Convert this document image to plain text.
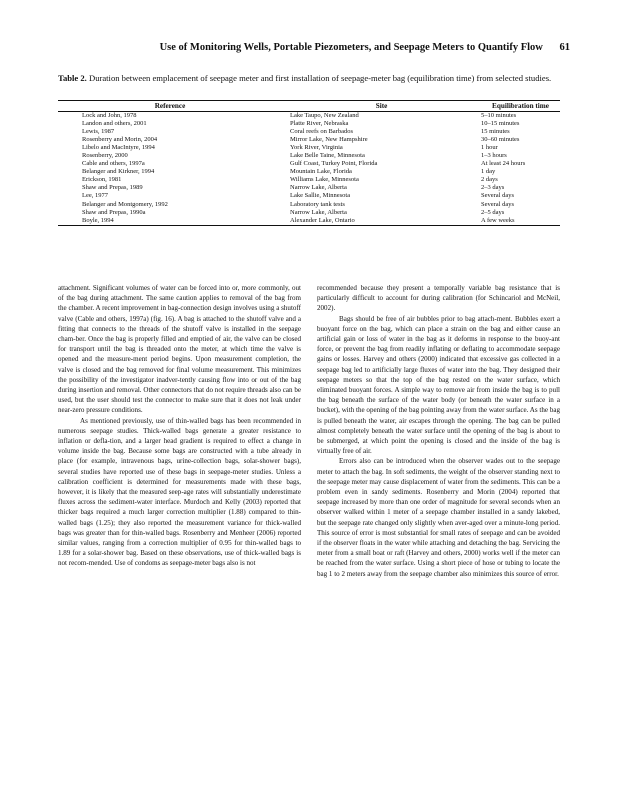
Use of Monitoring Wells, Portable Piezometers, and Seepage Meters to Quantify Flow 61
Table 2. Duration between emplacement of seepage meter and first installation of seepage-meter bag (equilibration time) from selected studies.
Reference	Site	Equilibration time
Lock and John, 1978	Lake Taupo, New Zealand	5–10 minutes
Landon and others, 2001	Platte River, Nebraska	10–15 minutes
Lewis, 1987	Coral reefs on Barbados	15 minutes
Rosenberry and Morin, 2004	Mirror Lake, New Hampshire	30–60 minutes
Libelo and MacIntyre, 1994	York River, Virginia	1 hour
Rosenberry, 2000	Lake Belle Taine, Minnesota	1–3 hours
Cable and others, 1997a	Gulf Coast, Turkey Point, Florida	At least 24 hours
Belanger and Kirkner, 1994	Mountain Lake, Florida	1 day
Erickson, 1981	Williams Lake, Minnesota	2 days
Shaw and Prepas, 1989	Narrow Lake, Alberta	2–3 days
Lee, 1977	Lake Sallie, Minnesota	Several days
Belanger and Montgomery, 1992	Laboratory tank tests	Several days
Shaw and Prepas, 1990a	Narrow Lake, Alberta	2–5 days
Boyle, 1994	Alexander Lake, Ontario	A few weeks

attachment. Significant volumes of water can be forced into or, more commonly, out of the bag during attachment. The same caution applies to removal of the bag from the chamber. A recent improvement in bag-connection design involves using a shutoff valve (Cable and others, 1997a) (fig. 16). A bag is attached to the shutoff valve and a fitting that connects to the threads of the shutoff valve is installed in the seepage cham-ber. Once the bag is properly filled and emptied of air, the valve can be closed for transport until the bag is threaded onto the meter, at which time the valve is opened and the measure-ment period begins. Upon measurement completion, the valve is closed and the bag removed for final volume measurement. This minimizes the possibility of the investigator inadver-tently causing flow into or out of the bag during insertion and removal. Other connectors that do not require threads also can be used, but the user should test the connector to make sure that it does not leak under near-zero pressure conditions.

As mentioned previously, use of thin-walled bags has been recommended in numerous seepage studies. Thick-walled bags generate a greater resistance to inflation or defla-tion, and a larger head gradient is required to effect a change in volume inside the bag. Because some bags are constructed with a tube already in place (for example, intravenous bags, urine-collection bags, solar-shower bags), several studies have reported use of these bags in seepage-meter studies. Unless a calibration coefficient is determined for measurements made with these bags, however, it is likely that the measured seep-age rates will substantially underestimate fluxes across the sediment-water interface. Murdoch and Kelly (2003) reported that thicker bags required a much larger correction multiplier (1.88) compared to thin-walled bags (1.25); they also reported the measurement variance for thick-walled bags was greater than for thin-walled bags. Rosenberry and Menheer (2006) reported similar values, ranging from a correction multiplier of 0.95 for thin-walled bags to 1.89 for a solar-shower bag. Based on these observations, use of thick-walled bags is not recom-mended. Use of condoms as seepage-meter bags also is not

recommended because they present a temporally variable bag resistance that is particularly difficult to account for during calibration (for Schincariol and McNeil, 2002).

Bags should be free of air bubbles prior to bag attach-ment. Bubbles exert a buoyant force on the bag, which can place a strain on the bag and either cause an artificial gain or loss of water in the bag as it deforms in response to the buoy-ant force, or prevent the bag from readily inflating or deflating to accommodate seepage gains or losses. Harvey and others (2000) indicated that excessive gas collected in a seepage bag led to artificially large fluxes of water into the bag. They designed their seepage meters so that the top of the bag rested on the water surface, which eliminated buoyant forces. A simple way to remove air from inside the bag is to pull the bag beneath the surface of the water body (or beneath the water surface in a bucket), with the opening of the bag pointing away from the water surface. As the bag is pulled beneath the water, air escapes through the opening. The bag can be pulled almost completely beneath the water surface until the opening of the bag is about to be submerged, at which point the opening is closed and the inside of the bag is virtually free of air.

Errors also can be introduced when the observer wades out to the seepage meter to attach the bag. In soft sediments, the weight of the observer standing next to the seepage meter may cause displacement of water from the sediments. This can be a problem even in sandy sediments. Rosenberry and Morin (2004) reported that seepage increased by more than one order of magnitude for several seconds when an observer walked within 1 meter of a seepage chamber installed in a sandy lakebed, but the seepage rate changed only slightly when aver-aged over a minute-long period. This source of error is most substantial for small rates of seepage and can be avoided if the observer floats in the water while attaching and detaching the bag. Servicing the meter from a small boat or raft (Harvey and others, 2000) works well if the meter can be reached from the water surface. Using a short piece of hose or tubing to locate the bag 1 to 2 meters away from the seepage chamber also minimizes this source of error.
